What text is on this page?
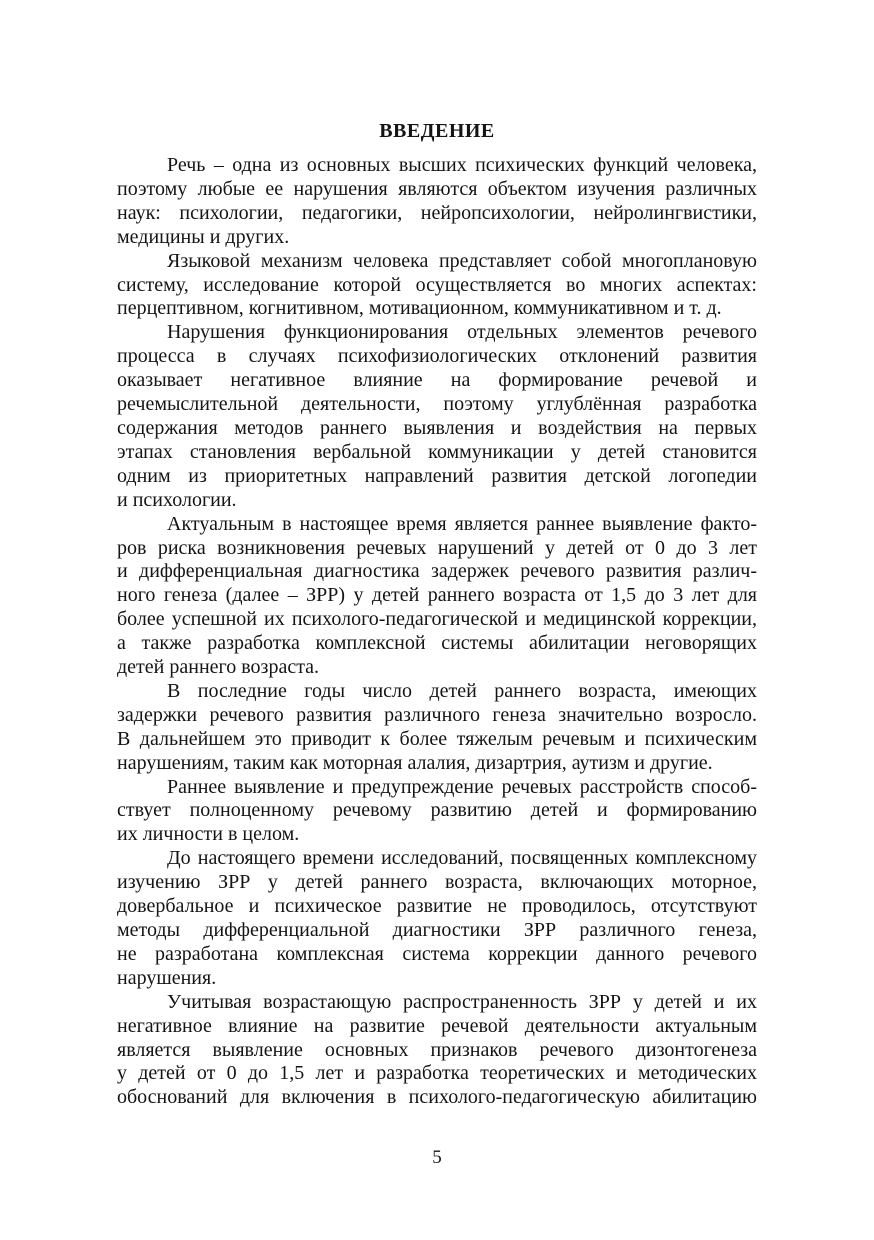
ВВЕДЕНИЕ
Речь – одна из основных высших психических функций человека,
поэтому любые ее нарушения являются объектом изучения различных
наук: психологии, педагогики, нейропсихологии, нейролингвистики,
медицины и других.
Языковой механизм человека представляет собой многоплановую
систему, исследование которой осуществляется во многих аспектах:
перцептивном, когнитивном, мотивационном, коммуникативном и т. д.
Нарушения функционирования отдельных элементов речевого
процесса в случаях психофизиологических отклонений развития
оказывает негативное влияние на формирование речевой и
речемыслительной деятельности, поэтому углублённая разработка
содержания методов раннего выявления и воздействия на первых
этапах становления вербальной коммуникации у детей становится
одним из приоритетных направлений развития детской логопедии
и психологии.
Актуальным в настоящее время является раннее выявление факто-
ров риска возникновения речевых нарушений у детей от 0 до 3 лет
и дифференциальная диагностика задержек речевого развития различ-
ного генеза (далее – ЗРР) у детей раннего возраста от 1,5 до 3 лет для
более успешной их психолого-педагогической и медицинской коррекции,
а также разработка комплексной системы абилитации неговорящих
детей раннего возраста.
В последние годы число детей раннего возраста, имеющих
задержки речевого развития различного генеза значительно возросло.
В дальнейшем это приводит к более тяжелым речевым и психическим
нарушениям, таким как моторная алалия, дизартрия, аутизм и другие.
Раннее выявление и предупреждение речевых расстройств способ-
ствует полноценному речевому развитию детей и формированию
их личности в целом.
До настоящего времени исследований, посвященных комплексному
изучению ЗРР у детей раннего возраста, включающих моторное,
довербальное и психическое развитие не проводилось, отсутствуют
методы дифференциальной диагностики ЗРР различного генеза,
не разработана комплексная система коррекции данного речевого
нарушения.
Учитывая возрастающую распространенность ЗРР у детей и их
негативное влияние на развитие речевой деятельности актуальным
является выявление основных признаков речевого дизонтогенеза
у детей от 0 до 1,5 лет и разработка теоретических и методических
обоснований для включения в психолого-педагогическую абилитацию
5
